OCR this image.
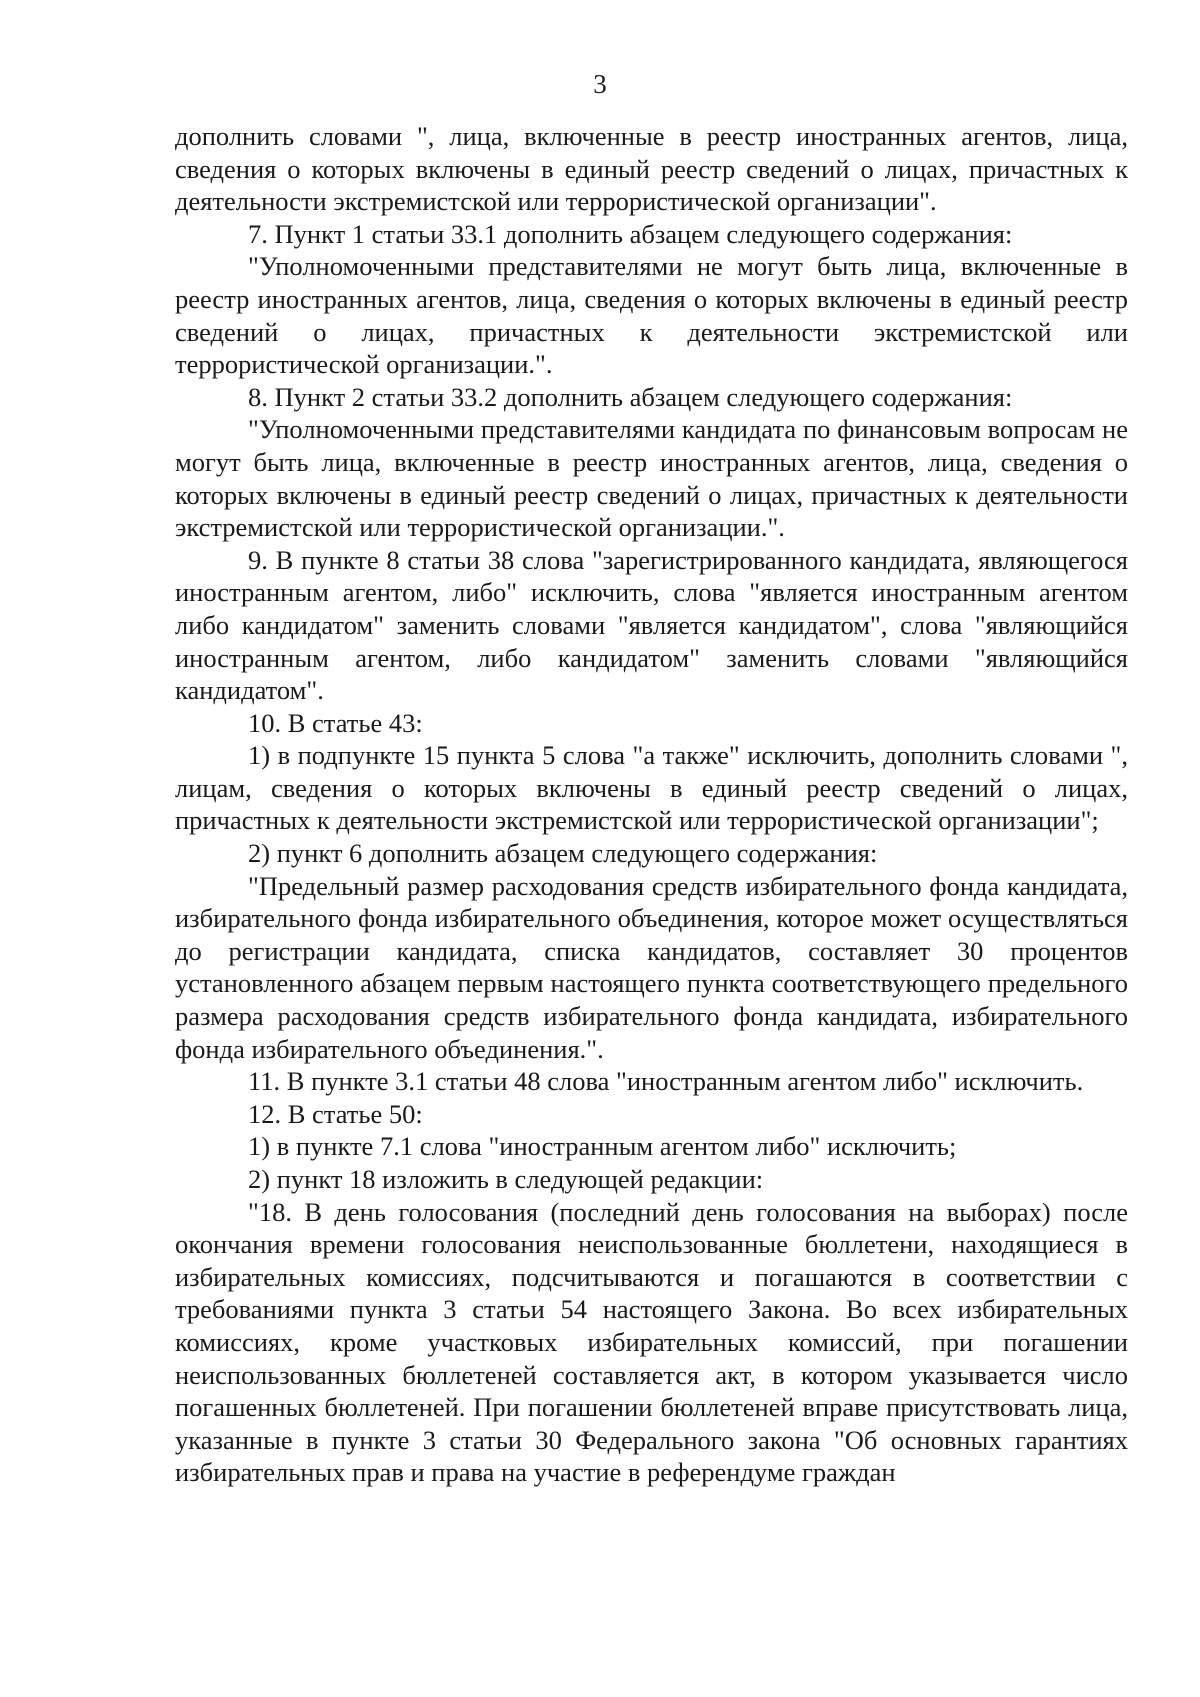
3

дополнить словами ", лица, включенные в реестр иностранных агентов, лица, сведения о которых включены в единый реестр сведений о лицах, причастных к деятельности экстремистской или террористической организации".

7. Пункт 1 статьи 33.1 дополнить абзацем следующего содержания:

"Уполномоченными представителями не могут быть лица, включенные в реестр иностранных агентов, лица, сведения о которых включены в единый реестр сведений о лицах, причастных к деятельности экстремистской или террористической организации.".

8. Пункт 2 статьи 33.2 дополнить абзацем следующего содержания:

"Уполномоченными представителями кандидата по финансовым вопросам не могут быть лица, включенные в реестр иностранных агентов, лица, сведения о которых включены в единый реестр сведений о лицах, причастных к деятельности экстремистской или террористической организации.".

9. В пункте 8 статьи 38 слова "зарегистрированного кандидата, являющегося иностранным агентом, либо" исключить, слова "является иностранным агентом либо кандидатом" заменить словами "является кандидатом", слова "являющийся иностранным агентом, либо кандидатом" заменить словами "являющийся кандидатом".

10. В статье 43:

1) в подпункте 15 пункта 5 слова "а также" исключить, дополнить словами ", лицам, сведения о которых включены в единый реестр сведений о лицах, причастных к деятельности экстремистской или террористической организации";

2) пункт 6 дополнить абзацем следующего содержания:

"Предельный размер расходования средств избирательного фонда кандидата, избирательного фонда избирательного объединения, которое может осуществляться до регистрации кандидата, списка кандидатов, составляет 30 процентов установленного абзацем первым настоящего пункта соответствующего предельного размера расходования средств избирательного фонда кандидата, избирательного фонда избирательного объединения.".

11. В пункте 3.1 статьи 48 слова "иностранным агентом либо" исключить.

12. В статье 50:

1) в пункте 7.1 слова "иностранным агентом либо" исключить;

2) пункт 18 изложить в следующей редакции:

"18. В день голосования (последний день голосования на выборах) после окончания времени голосования неиспользованные бюллетени, находящиеся в избирательных комиссиях, подсчитываются и погашаются в соответствии с требованиями пункта 3 статьи 54 настоящего Закона. Во всех избирательных комиссиях, кроме участковых избирательных комиссий, при погашении неиспользованных бюллетеней составляется акт, в котором указывается число погашенных бюллетеней. При погашении бюллетеней вправе присутствовать лица, указанные в пункте 3 статьи 30 Федерального закона "Об основных гарантиях избирательных прав и права на участие в референдуме граждан
